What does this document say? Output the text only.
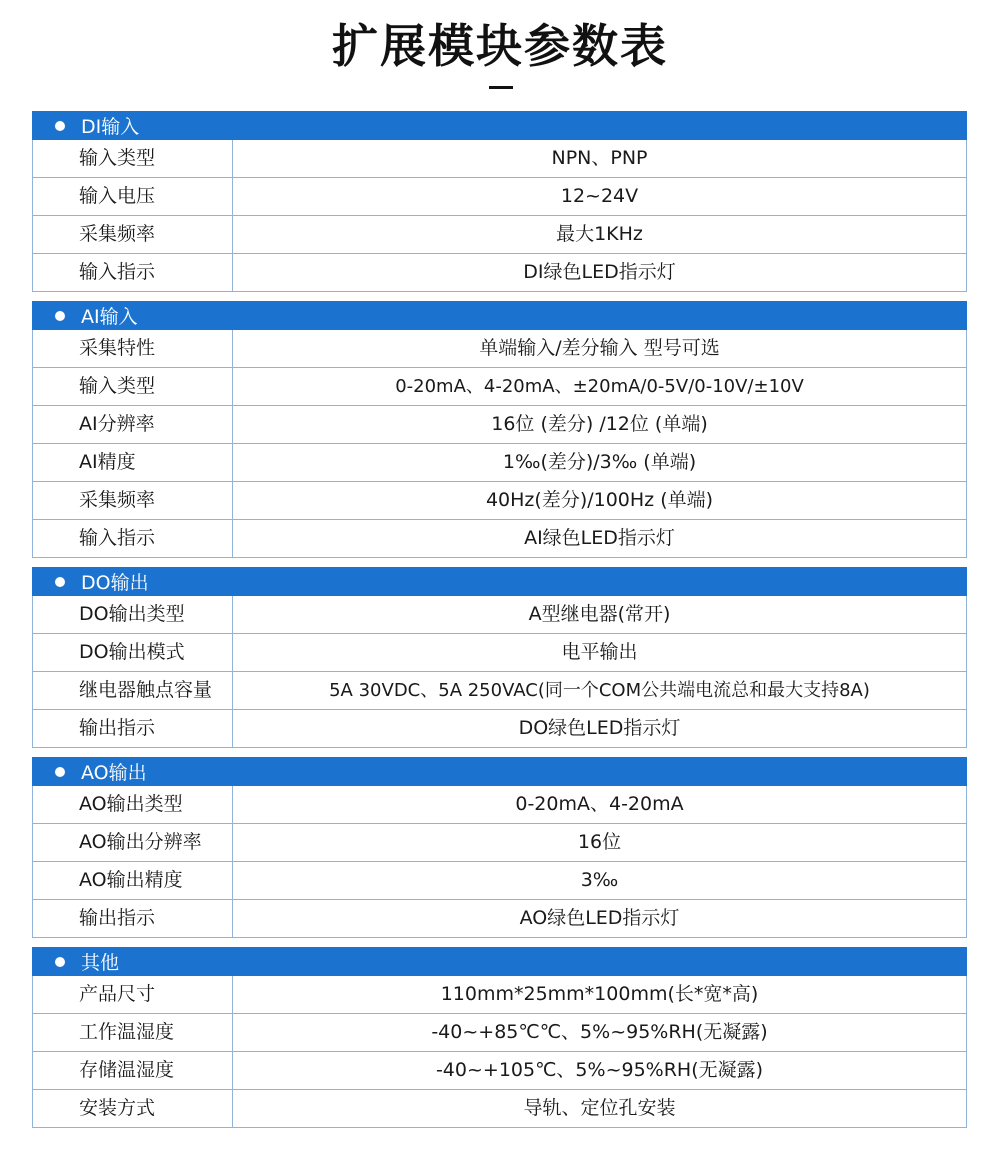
扩展模块参数表
DI输入
输入类型	NPN、PNP
输入电压	12~24V
采集频率	最大1KHz
输入指示	DI绿色LED指示灯
AI输入
采集特性	单端输入/差分输入 型号可选
输入类型	0-20mA、4-20mA、±20mA/0-5V/0-10V/±10V
AI分辨率	16位 (差分) /12位 (单端)
AI精度	1‰(差分)/3‰ (单端)
采集频率	40Hz(差分)/100Hz (单端)
输入指示	AI绿色LED指示灯
DO输出
DO输出类型	A型继电器(常开)
DO输出模式	电平输出
继电器触点容量	5A 30VDC、5A 250VAC(同一个COM公共端电流总和最大支持8A)
输出指示	DO绿色LED指示灯
AO输出
AO输出类型	0-20mA、4-20mA
AO输出分辨率	16位
AO输出精度	3‰
输出指示	AO绿色LED指示灯
其他
产品尺寸	110mm*25mm*100mm(长*宽*高)
工作温湿度	-40~+85℃℃、5%~95%RH(无凝露)
存储温湿度	-40~+105℃、5%~95%RH(无凝露)
安装方式	导轨、定位孔安装
